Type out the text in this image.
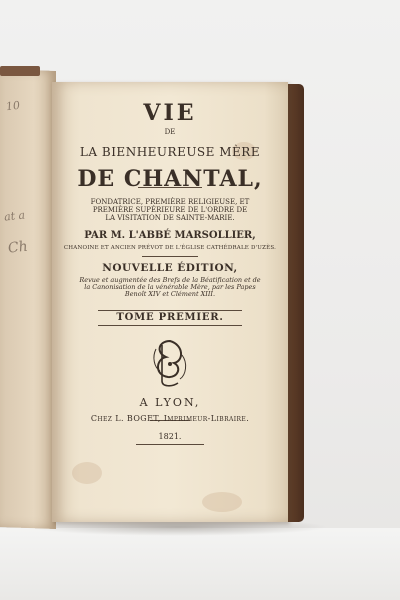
10
at a
Ch
VIE
DE
LA BIENHEUREUSE MÈRE
DE CHANTAL,
FONDATRICE, PREMIÈRE RELIGIEUSE, ET
PREMIÈRE SUPÉRIEURE DE L'ORDRE DE
LA VISITATION DE SAINTE-MARIE.
PAR M. L'ABBÉ MARSOLLIER,
CHANOINE ET ANCIEN PRÉVOT DE L'ÉGLISE CATHÉDRALE D'UZÈS.
NOUVELLE ÉDITION,
Revue et augmentée des Brefs de la Béatification et de
la Canonisation de la vénérable Mère, par les Papes
Benoît XIV et Clément XIII.
TOME PREMIER.
A LYON,
Chez L. BOGET, Imprimeur-Libraire.
1821.
